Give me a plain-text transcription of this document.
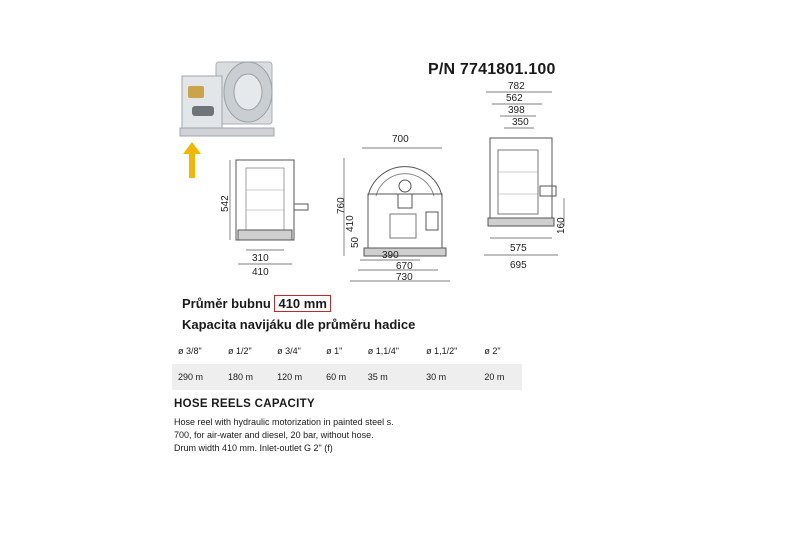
P/N 7741801.100
542
310
410
700
760
410
50
390
670
730
782
562
398
350
160
575
695
Průměr bubnu 410 mm
Kapacita navijáku dle průměru hadice
ø 3/8"	ø 1/2"	ø 3/4"	ø 1"	ø 1,1/4"	ø 1,1/2"	ø 2"
290 m	180 m	120 m	60 m	35 m	30 m	20 m
HOSE REELS CAPACITY
Hose reel with hydraulic motorization in painted steel s.
700, for air-water and diesel, 20 bar, without hose.
Drum width 410 mm. Inlet-outlet G 2" (f)
